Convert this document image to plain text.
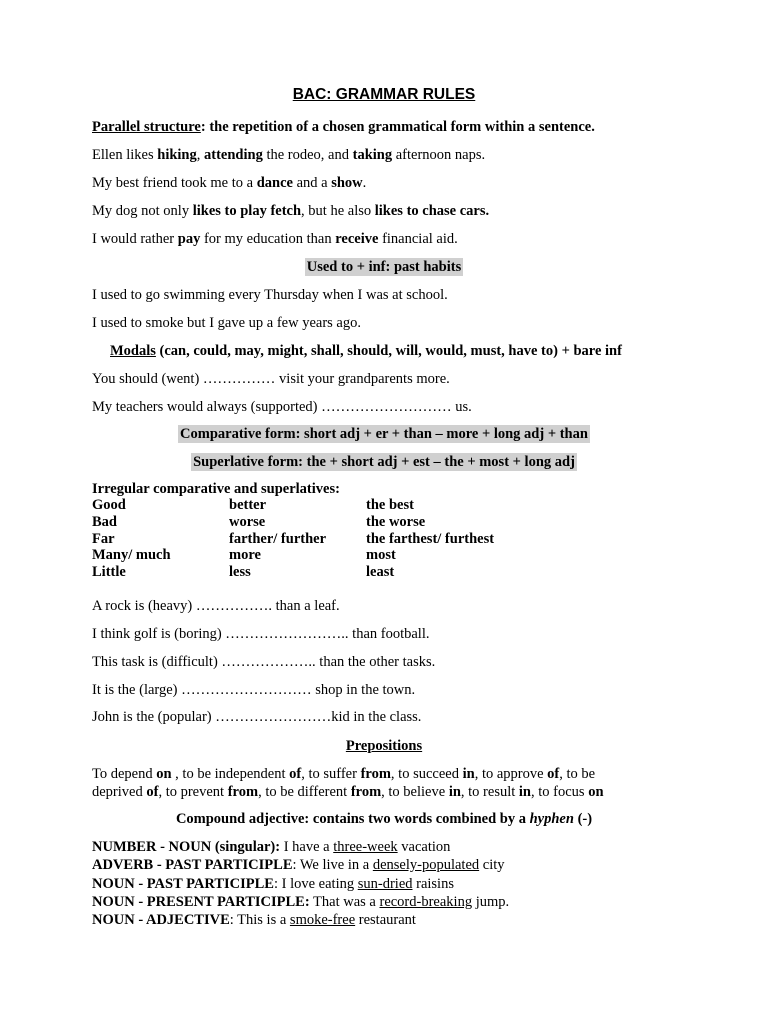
BAC: GRAMMAR RULES
Parallel structure: the repetition of a chosen grammatical form within a sentence.
Ellen likes hiking, attending the rodeo, and taking afternoon naps.
My best friend took me to a dance and a show.
My dog not only likes to play fetch, but he also likes to chase cars.
I would rather pay for my education than receive financial aid.
Used to + inf: past habits
I used to go swimming every Thursday when I was at school.
I used to smoke but I gave up a few years ago.
Modals (can, could, may, might, shall, should, will, would, must, have to) + bare inf
You should (went) …………… visit your grandparents more.
My teachers would always (supported) ……………………… us.
Comparative form: short adj + er + than – more + long adj + than
Superlative form: the + short adj + est – the + most + long adj
Irregular comparative and superlatives:
Good	better	the best
Bad	worse	the worse
Far	farther/ further	the farthest/ furthest
Many/ much	more	most
Little	less	least
A rock is (heavy) ……………. than a leaf.
I think golf is (boring) …………………….. than football.
This task is (difficult) ……………….. than the other tasks.
It is the (large) ……………………… shop in the town.
John is the (popular) ……………………kid in the class.
Prepositions
To depend on , to be independent of, to suffer from, to succeed in, to approve of, to be
deprived of, to prevent from, to be different from, to believe in, to result in, to focus on
Compound adjective: contains two words combined by a hyphen (-)
NUMBER - NOUN (singular): I have a three-week vacation
ADVERB - PAST PARTICIPLE: We live in a densely-populated city
NOUN - PAST PARTICIPLE: I love eating sun-dried raisins
NOUN - PRESENT PARTICIPLE: That was a record-breaking jump.
NOUN - ADJECTIVE: This is a smoke-free restaurant
